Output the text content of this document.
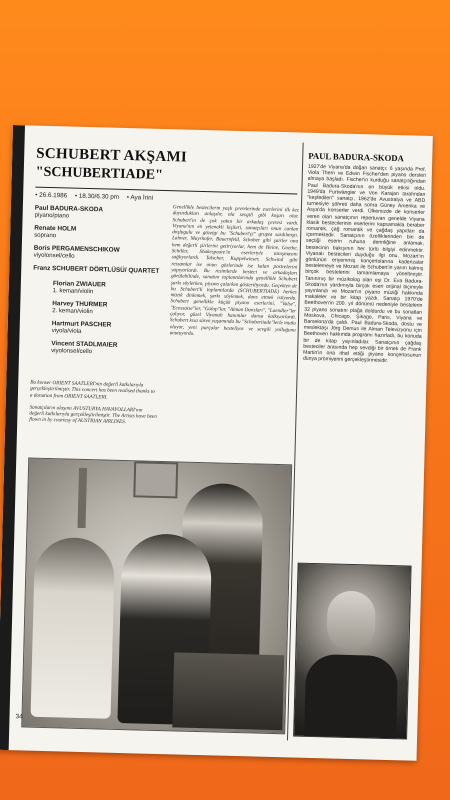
SCHUBERT AKŞAMI
"SCHUBERTIADE"
• 26.6.1986 • 18.30/6.30 pm • Aya İrini
Paul BADURA-SKODA
piyano/piano
Renate HOLM
soprano
Boris PERGAMENSCHIKOW
viyolonsel/cello
Franz SCHUBERT DÖRTLÜSÜ/ QUARTET
Florian ZWIAUER
1. keman/violin
Harvey THURMER
2. keman/violin
Hartmurt PASCHER
viyola/viola
Vincent STADLMAIER
viyolonsel/cello
Genellikle bestecilerin yaşlı çevrelerinde eserlerini ilk kez duyurdukları anlaşılır, ola sevgili gibi koşarı olur. Schubert'in de çok yakın bir arkadaş çevresi vardı. Viyana'nın en yetenekli kişileri, sanatçıları onun canlan doşlugulu ve gözetgi bu "Schubert'çi" grupta sardılmıştı. Lahner, Mayrhofer, Bauernfeld, Schober gibi şairler ona hem değerli şiirlerini getiriyorlar, hem de Heine, Goethe, Schiller, Shakespeare'in eserleriyle tanışmasını sağlıyorlardı. Talscher, Kuppelwieser, Schwind gibi ressamlar ise onun gözlerinde ise kalan portrelerini yapıyorlardı. Bu resimlerde besteci ve arkadaşları görülebilinde, sanatını toplantılarında genellikle Schubert şarkı söylerken, piyano çalarken gösteriliyordu. Geçekten de bu Schubert'li toplantılarda (SCHUBERTIADE) herkes müzik dinlemek, şarkı söylemek, dans etmek istiyordu. Schubert genellikle küçük piyano eserlerini, "Valse", "Ecossaise"ler, "Galop"lar, "Alman Dansları", "Laendler"ler çalıyor, güzel Viyanalı hanımlar dansa kalkıyorlardı. Schubert kısa süren yaşamında bu "Schubertiade"lerle mutlu oluyor, yeni parçalar besteliyor ve sevgili yolluğunu unutuyordu.

Bu konser ORIENT SAATLERİ'nin değerli katkılarıyla gerçekleştirilmiştir. This concert has been realised thanks to a donation from ORIENT SAATLERI.

Sanatçıların ulaşımı AVUSTURYA HAVAYOLLARI'nın değerli katkılarıyla gerçekleştirilmiştir. The Artists have been flown in by courtesy of AUSTRIAN AIRLINES.

34
PAUL BADURA-SKODA
1927'de Viyana'da doğan sanatçı; 6 yaşında Prof. Viola Thern ve Edwin Fischer'den piyano dersleri almaya başladı. Fischer'in kurduğu sanatçılığından Paul Badura-Skoda'nın en büyük etkisi oldu. 1949'da Furtwängler ve Von Karajan tarafından "keşfedilen" sanatçı, 1962'de Avustralya ve ABD turnesiyle şöhreti daha sonra Güney Amerika ve Asya'da konserler verdi. Ülkemizde de konserler veren olan sanatçının repertuvarı genelde Viyana klasik bestecilerinin eserlerini kapsamakla beraber romantik, çağ romantik ve çağdaş yapıtları da içermektedir. Sanatçının özelliklerinden biri de seçtiği eserin ruhuna derinliğine anlamak, bestecinin bakışının her türlü bilgiyi edinmektir. Viyanalı bestecileri duyduğu ilgi onu, Mozart'ın gönlünün eriyemmiş konçertolarına kadenzalar bestelemeye ve Mozart ile Schubert'in yarım kalmış birçok bestelerini tamamlamaya yöneltmiştir. Tanınmış bir müzikolog olan eşi Dr. Eva Badura-Skoda'nın yardımıyla birçok eseri orijinal biçimiyle yayınlandı ve Mozart'ın piyano müziği hakkında makaleler ve bir kitap yazdı. Sanatçı 1970'de Beethoven'in 200. yıl dönümü nedeniyle bestelerin 32 piyano sonatını plağa doldurdu ve bu sonatları Moskova, Chicago, Şikago, Paris, Viyana ve Barselona'da çaldı. Paul Badura-Skoda, dostu ve meslektaşı Jörg Demus ile Alman Televizyonu için Beethoven hakkında programı hazırladı, bu konuda bir de kitap yayınladılar. Sanatçının çağdaş besteciler arasında hep sevdiği bir örnek de Frank Martin'in ona ithaf ettiği piyano konçertosunun dünya prömiyerini gerçekleştirmesidir.
